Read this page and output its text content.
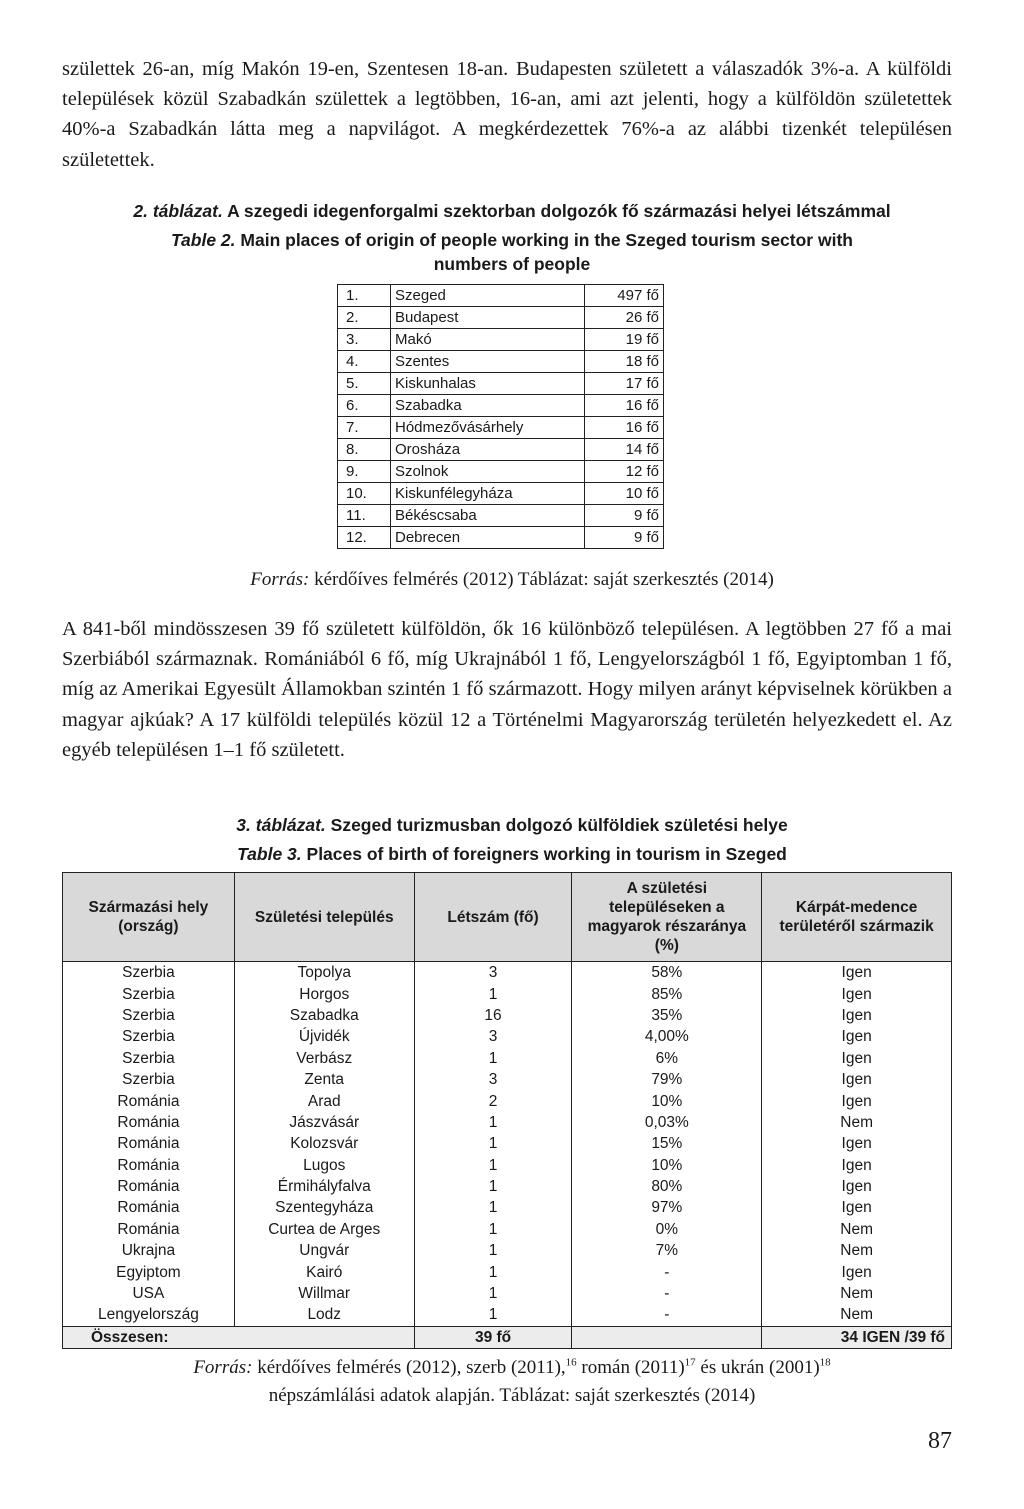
születtek 26-an, míg Makón 19-en, Szentesen 18-an. Budapesten született a válaszadók 3%-a. A külföldi települések közül Szabadkán születtek a legtöbben, 16-an, ami azt jelenti, hogy a külföldön születettek 40%-a Szabadkán látta meg a napvilágot. A megkérdezettek 76%-a az alábbi tizenkét településen születettek.

2. táblázat. A szegedi idegenforgalmi szektorban dolgozók fő származási helyei létszámmal

Table 2. Main places of origin of people working in the Szeged tourism sector with numbers of people

1.	Szeged	497 fő
2.	Budapest	26 fő
3.	Makó	19 fő
4.	Szentes	18 fő
5.	Kiskunhalas	17 fő
6.	Szabadka	16 fő
7.	Hódmezővásárhely	16 fő
8.	Orosháza	14 fő
9.	Szolnok	12 fő
10.	Kiskunfélegyháza	10 fő
11.	Békéscsaba	9 fő
12.	Debrecen	9 fő

Forrás: kérdőíves felmérés (2012) Táblázat: saját szerkesztés (2014)

A 841-ből mindösszesen 39 fő született külföldön, ők 16 különböző településen. A legtöbben 27 fő a mai Szerbiából származnak. Romániából 6 fő, míg Ukrajnából 1 fő, Lengyelországból 1 fő, Egyiptomban 1 fő, míg az Amerikai Egyesült Államokban szintén 1 fő származott. Hogy milyen arányt képviselnek körükben a magyar ajkúak? A 17 külföldi település közül 12 a Történelmi Magyarország területén helyezkedett el. Az egyéb településen 1–1 fő született.

3. táblázat. Szeged turizmusban dolgozó külföldiek születési helye

Table 3. Places of birth of foreigners working in tourism in Szeged

Származási hely (ország)	Születési település	Létszám (fő)	A születési településeken a magyarok részaránya (%)	Kárpát-medence területéről származik
Szerbia	Topolya	3	58%	Igen
Szerbia	Horgos	1	85%	Igen
Szerbia	Szabadka	16	35%	Igen
Szerbia	Újvidék	3	4,00%	Igen
Szerbia	Verbász	1	6%	Igen
Szerbia	Zenta	3	79%	Igen
Románia	Arad	2	10%	Igen
Románia	Jászvásár	1	0,03%	Nem
Románia	Kolozsvár	1	15%	Igen
Románia	Lugos	1	10%	Igen
Románia	Érmihályfalva	1	80%	Igen
Románia	Szentegyháza	1	97%	Igen
Románia	Curtea de Arges	1	0%	Nem
Ukrajna	Ungvár	1	7%	Nem
Egyiptom	Kairó	1	-	Igen
USA	Willmar	1	-	Nem
Lengyelország	Lodz	1	-	Nem
Összesen:		39 fő		34 IGEN /39 fő
Forrás: kérdőíves felmérés (2012), szerb (2011),$^{16}$ román $(2011)^{17}$ és ukrán $(2001)^{18}$
népszámlálási adatok alapján. Táblázat: saját szerkesztés (2014)
87
